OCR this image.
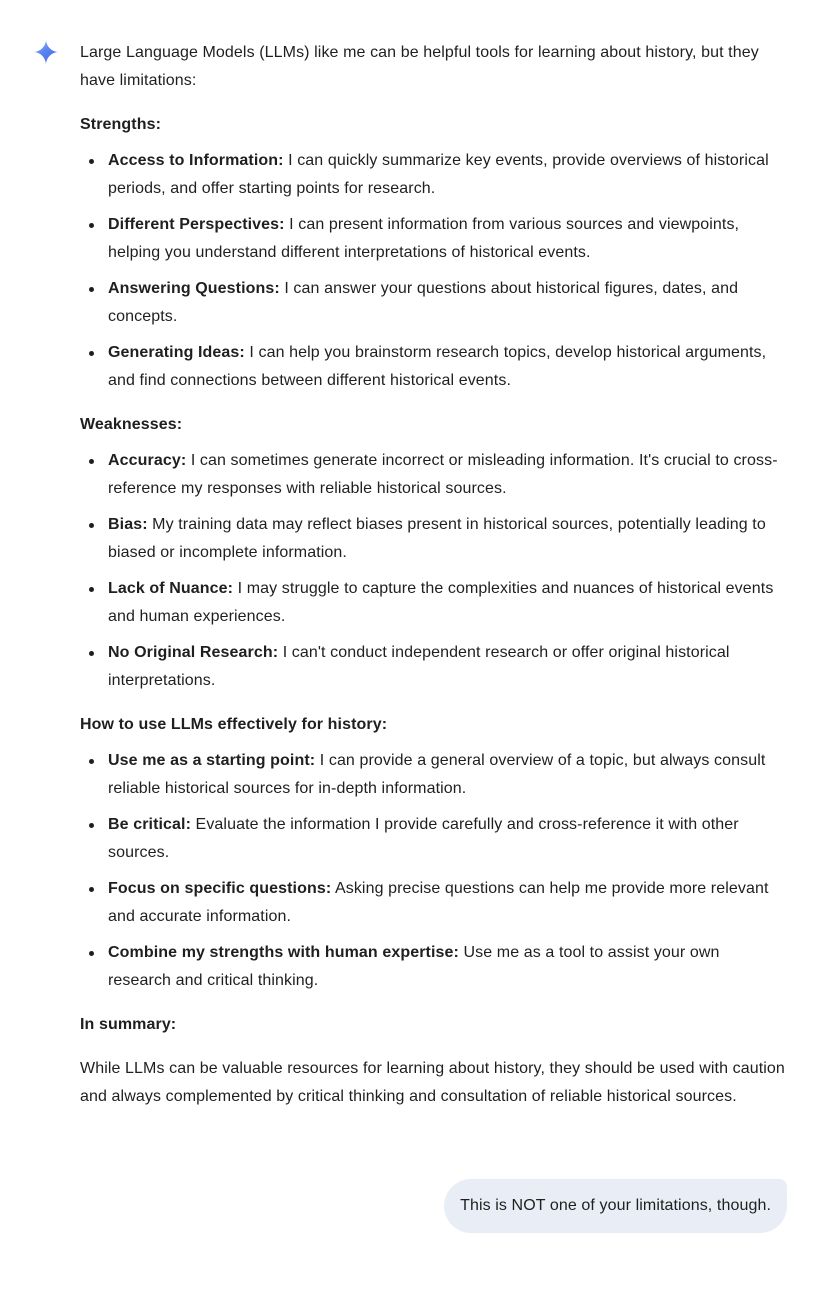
Large Language Models (LLMs) like me can be helpful tools for learning about history, but they have limitations:

Strengths:

Access to Information: I can quickly summarize key events, provide overviews of historical periods, and offer starting points for research.
Different Perspectives: I can present information from various sources and viewpoints, helping you understand different interpretations of historical events.
Answering Questions: I can answer your questions about historical figures, dates, and concepts.
Generating Ideas: I can help you brainstorm research topics, develop historical arguments, and find connections between different historical events.

Weaknesses:

Accuracy: I can sometimes generate incorrect or misleading information. It's crucial to cross-reference my responses with reliable historical sources.
Bias: My training data may reflect biases present in historical sources, potentially leading to biased or incomplete information.
Lack of Nuance: I may struggle to capture the complexities and nuances of historical events and human experiences.
No Original Research: I can't conduct independent research or offer original historical interpretations.

How to use LLMs effectively for history:

Use me as a starting point: I can provide a general overview of a topic, but always consult reliable historical sources for in-depth information.
Be critical: Evaluate the information I provide carefully and cross-reference it with other sources.
Focus on specific questions: Asking precise questions can help me provide more relevant and accurate information.
Combine my strengths with human expertise: Use me as a tool to assist your own research and critical thinking.

In summary:

While LLMs can be valuable resources for learning about history, they should be used with caution and always complemented by critical thinking and consultation of reliable historical sources.

This is NOT one of your limitations, though.
